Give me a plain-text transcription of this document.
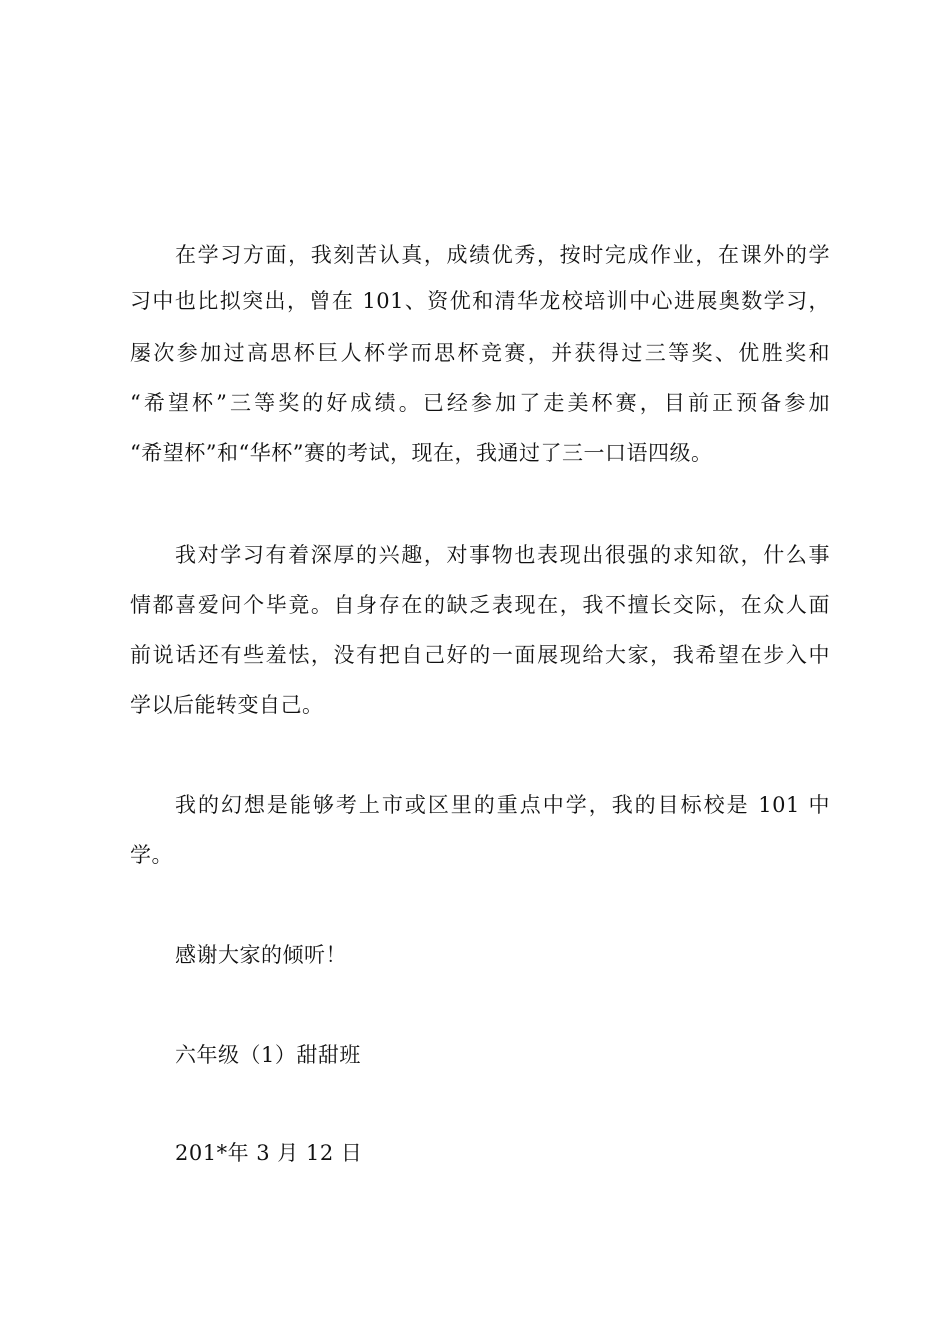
在学习方面，我刻苦认真，成绩优秀，按时完成作业，在课外的学
习中也比拟突出，曾在 101、资优和清华龙校培训中心进展奥数学习，
屡次参加过高思杯巨人杯学而思杯竞赛，并获得过三等奖、优胜奖和
“希望杯”三等奖的好成绩。已经参加了走美杯赛，目前正预备参加
“希望杯”和“华杯”赛的考试，现在，我通过了三一口语四级。
我对学习有着深厚的兴趣，对事物也表现出很强的求知欲，什么事
情都喜爱问个毕竟。自身存在的缺乏表现在，我不擅长交际，在众人面
前说话还有些羞怯，没有把自己好的一面展现给大家，我希望在步入中
学以后能转变自己。
我的幻想是能够考上市或区里的重点中学，我的目标校是 101 中
学。
感谢大家的倾听！
六年级（1）甜甜班
201*年 3 月 12 日
